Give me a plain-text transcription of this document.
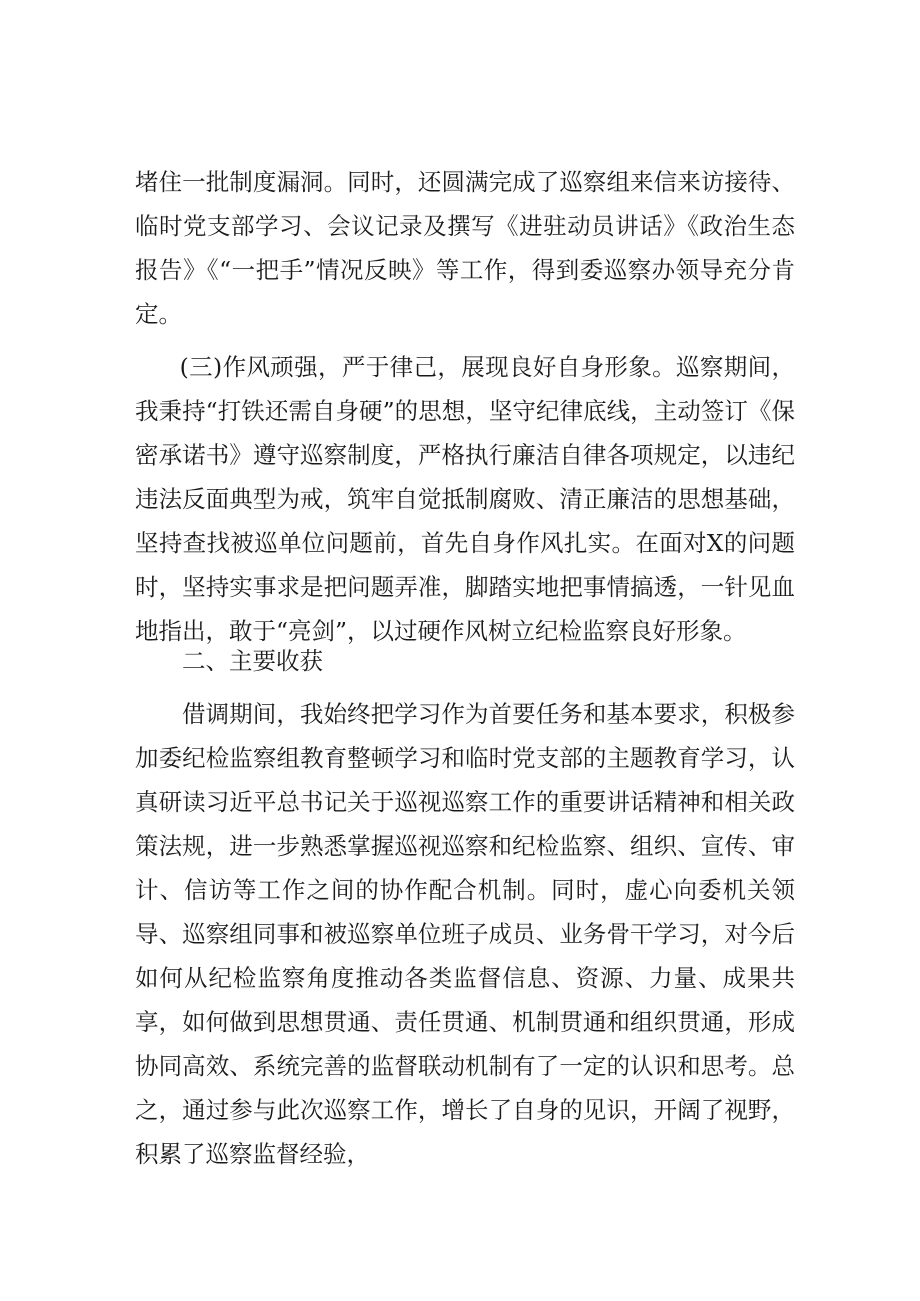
堵住一批制度漏洞。同时，还圆满完成了巡察组来信来访接待、临时党支部学习、会议记录及撰写《进驻动员讲话》《政治生态报告》《“一把手”情况反映》等工作，得到委巡察办领导充分肯定。

(三)作风顽强，严于律己，展现良好自身形象。巡察期间，我秉持“打铁还需自身硬”的思想，坚守纪律底线，主动签订《保密承诺书》遵守巡察制度，严格执行廉洁自律各项规定，以违纪违法反面典型为戒，筑牢自觉抵制腐败、清正廉洁的思想基础，坚持查找被巡单位问题前，首先自身作风扎实。在面对X的问题时，坚持实事求是把问题弄准，脚踏实地把事情搞透，一针见血地指出，敢于“亮剑”，以过硬作风树立纪检监察良好形象。

二、主要收获

借调期间，我始终把学习作为首要任务和基本要求，积极参加委纪检监察组教育整顿学习和临时党支部的主题教育学习，认真研读习近平总书记关于巡视巡察工作的重要讲话精神和相关政策法规，进一步熟悉掌握巡视巡察和纪检监察、组织、宣传、审计、信访等工作之间的协作配合机制。同时，虚心向委机关领导、巡察组同事和被巡察单位班子成员、业务骨干学习，对今后如何从纪检监察角度推动各类监督信息、资源、力量、成果共享，如何做到思想贯通、责任贯通、机制贯通和组织贯通，形成协同高效、系统完善的监督联动机制有了一定的认识和思考。总之，通过参与此次巡察工作，增长了自身的见识，开阔了视野，积累了巡察监督经验，
